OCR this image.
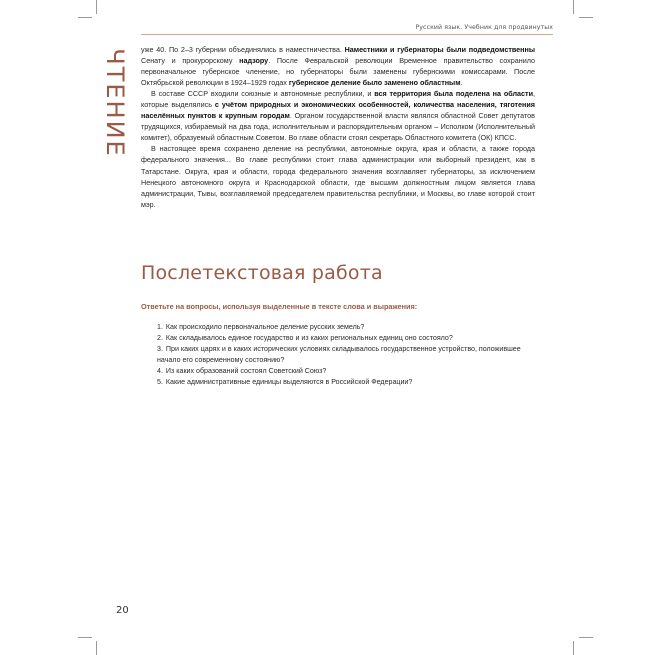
Русский язык. Учебник для продвинутых
ЧТЕНИЕ уже 40. По 2–3 губернии объединялись в наместничества. Наместники и губернаторы были подведомственны Сенату и прокурорскому надзору. После Февральской революции Временное правительство сохранило первоначальное губернское членение, но губернаторы были заменены губернскими комиссарами. После Октябрьской революции в 1924–1929 годах губернское деление было заменено областным.

В составе СССР входили союзные и автономные республики, и вся территория была поделена на области, которые выделялись с учётом природных и экономических особенностей, количества населения, тяготения населённых пунктов к крупным городам. Органом государственной власти являлся областной Совет депутатов трудящихся, избираемый на два года, исполнительным и распорядительным органом – Исполком (Исполнительный комитет), образуемый областным Советом. Во главе области стоял секретарь Областного комитета (ОК) КПСС.

В настоящее время сохранено деление на республики, автономные округа, края и области, а также города федерального значения... Во главе республики стоит глава администрации или выборный президент, как в Татарстане. Округа, края и области, города федерального значения возглавляет губернаторы, за исключением Ненецкого автономного округа и Краснодарской области, где высшим должностным лицом является глава администрации, Тывы, возглавляемой председателем правительства республики, и Москвы, во главе которой стоит мэр.

Послетекстовая работа
Ответьте на вопросы, используя выделенные в тексте слова и выражения:
1. Как происходило первоначальное деление русских земель?
2. Как складывалось единое государство и из каких региональных единиц оно состояло?
3. При каких царях и в каких исторических условиях складывалось государственное устройство, положившее начало его современному состоянию?
4. Из каких образований состоял Советский Союз?
5. Какие административные единицы выделяются в Российской Федерации?
20
